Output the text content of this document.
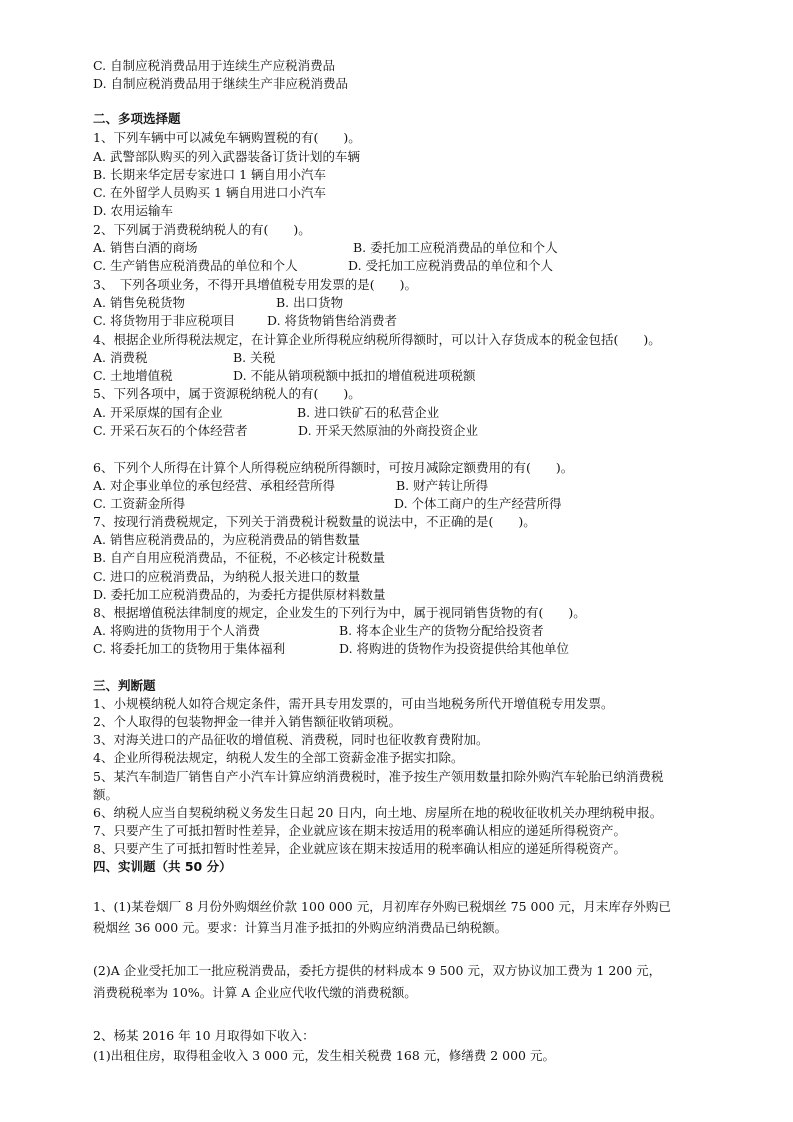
C. 自制应税消费品用于连续生产应税消费品
D. 自制应税消费品用于继续生产非应税消费品
二、多项选择题
1、下列车辆中可以减免车辆购置税的有(　　)。
A. 武警部队购买的列入武器装备订货计划的车辆
B. 长期来华定居专家进口 1 辆自用小汽车
C. 在外留学人员购买 1 辆自用进口小汽车
D. 农用运输车
2、下列属于消费税纳税人的有(　　)。
A. 销售白酒的商场	B. 委托加工应税消费品的单位和个人
C. 生产销售应税消费品的单位和个人	D. 受托加工应税消费品的单位和个人
3、　下列各项业务，不得开具增值税专用发票的是(　　)。
A. 销售免税货物	B. 出口货物
C. 将货物用于非应税项目	D. 将货物销售给消费者
4、根据企业所得税法规定，在计算企业所得税应纳税所得额时，可以计入存货成本的税金包括(　　)。
A. 消费税	B. 关税
C. 土地增值税	D. 不能从销项税额中抵扣的增值税进项税额
5、下列各项中，属于资源税纳税人的有(　　)。
A. 开采原煤的国有企业	B. 进口铁矿石的私营企业
C. 开采石灰石的个体经营者	D. 开采天然原油的外商投资企业
6、下列个人所得在计算个人所得税应纳税所得额时，可按月减除定额费用的有(　　)。
A. 对企事业单位的承包经营、承租经营所得	B. 财产转让所得
C. 工资薪金所得	D. 个体工商户的生产经营所得
7、按现行消费税规定，下列关于消费税计税数量的说法中，不正确的是(　　)。
A. 销售应税消费品的，为应税消费品的销售数量
B. 自产自用应税消费品，不征税，不必核定计税数量
C. 进口的应税消费品，为纳税人报关进口的数量
D. 委托加工应税消费品的，为委托方提供原材料数量
8、根据增值税法律制度的规定，企业发生的下列行为中，属于视同销售货物的有(　　)。
A. 将购进的货物用于个人消费	B. 将本企业生产的货物分配给投资者
C. 将委托加工的货物用于集体福利	D. 将购进的货物作为投资提供给其他单位
三、判断题
1、小规模纳税人如符合规定条件，需开具专用发票的，可由当地税务所代开增值税专用发票。
2、个人取得的包装物押金一律并入销售额征收销项税。
3、对海关进口的产品征收的增值税、消费税，同时也征收教育费附加。
4、企业所得税法规定，纳税人发生的全部工资薪金准予据实扣除。
5、某汽车制造厂销售自产小汽车计算应纳消费税时，准予按生产领用数量扣除外购汽车轮胎已纳消费税
额。
6、纳税人应当自契税纳税义务发生日起 20 日内，向土地、房屋所在地的税收征收机关办理纳税申报。
7、只要产生了可抵扣暂时性差异，企业就应该在期末按适用的税率确认相应的递延所得税资产。
8、只要产生了可抵扣暂时性差异，企业就应该在期末按适用的税率确认相应的递延所得税资产。
四、实训题（共 50 分）
1、(1)某卷烟厂 8 月份外购烟丝价款 100 000 元，月初库存外购已税烟丝 75 000 元，月末库存外购已
税烟丝 36 000 元。要求：计算当月准予抵扣的外购应纳消费品已纳税额。
(2)A 企业受托加工一批应税消费品，委托方提供的材料成本 9 500 元，双方协议加工费为 1 200 元，
消费税税率为 10%。计算 A 企业应代收代缴的消费税额。
2、杨某 2016 年 10 月取得如下收入：
(1)出租住房，取得租金收入 3 000 元，发生相关税费 168 元，修缮费 2 000 元。
